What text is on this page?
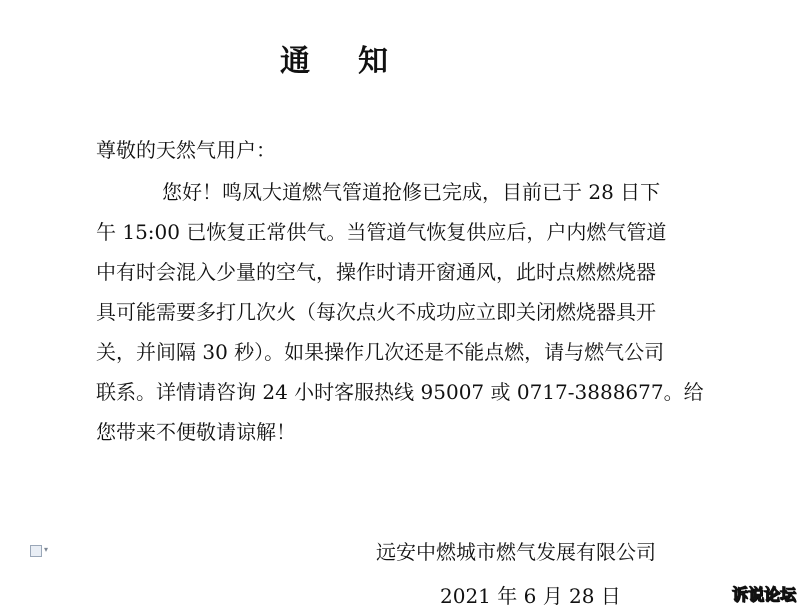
通 知
尊敬的天然气用户：
您好！鸣凤大道燃气管道抢修已完成，目前已于 28 日下
午 15:00 已恢复正常供气。当管道气恢复供应后，户内燃气管道
中有时会混入少量的空气，操作时请开窗通风，此时点燃燃烧器
具可能需要多打几次火（每次点火不成功应立即关闭燃烧器具开
关，并间隔 30 秒）。如果操作几次还是不能点燃，请与燃气公司
联系。详情请咨询 24 小时客服热线 95007 或 0717-3888677。给
您带来不便敬请谅解！
▾	远安中燃城市燃气发展有限公司
2021 年 6 月 28 日	诉说论坛
